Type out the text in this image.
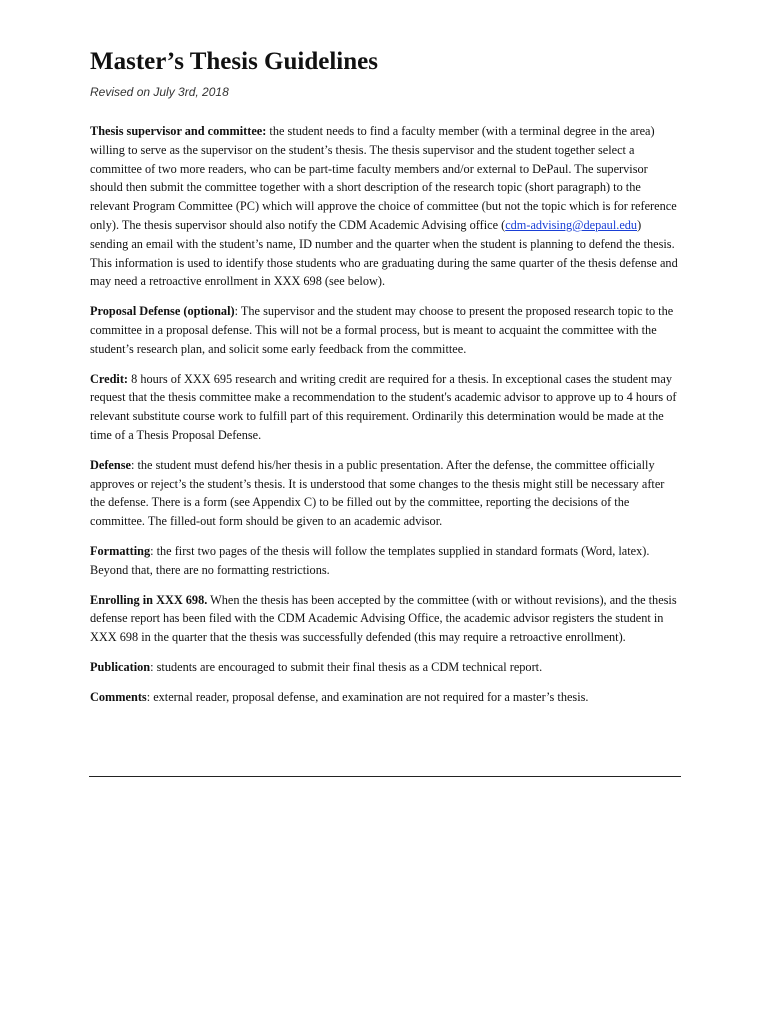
Master’s Thesis Guidelines
Revised on July 3rd, 2018

Thesis supervisor and committee: the student needs to find a faculty member (with a terminal degree in the area) willing to serve as the supervisor on the student’s thesis. The thesis supervisor and the student together select a committee of two more readers, who can be part-time faculty members and/or external to DePaul. The supervisor should then submit the committee together with a short description of the research topic (short paragraph) to the relevant Program Committee (PC) which will approve the choice of committee (but not the topic which is for reference only). The thesis supervisor should also notify the CDM Academic Advising office (cdm-advising@depaul.edu) sending an email with the student’s name, ID number and the quarter when the student is planning to defend the thesis. This information is used to identify those students who are graduating during the same quarter of the thesis defense and may need a retroactive enrollment in XXX 698 (see below).

Proposal Defense (optional): The supervisor and the student may choose to present the proposed research topic to the committee in a proposal defense. This will not be a formal process, but is meant to acquaint the committee with the student’s research plan, and solicit some early feedback from the committee.

Credit: 8 hours of XXX 695 research and writing credit are required for a thesis. In exceptional cases the student may request that the thesis committee make a recommendation to the student's academic advisor to approve up to 4 hours of relevant substitute course work to fulfill part of this requirement. Ordinarily this determination would be made at the time of a Thesis Proposal Defense.

Defense: the student must defend his/her thesis in a public presentation. After the defense, the committee officially approves or reject’s the student’s thesis. It is understood that some changes to the thesis might still be necessary after the defense. There is a form (see Appendix C) to be filled out by the committee, reporting the decisions of the committee. The filled-out form should be given to an academic advisor.

Formatting: the first two pages of the thesis will follow the templates supplied in standard formats (Word, latex). Beyond that, there are no formatting restrictions.

Enrolling in XXX 698. When the thesis has been accepted by the committee (with or without revisions), and the thesis defense report has been filed with the CDM Academic Advising Office, the academic advisor registers the student in XXX 698 in the quarter that the thesis was successfully defended (this may require a retroactive enrollment).

Publication: students are encouraged to submit their final thesis as a CDM technical report.

Comments: external reader, proposal defense, and examination are not required for a master’s thesis.
